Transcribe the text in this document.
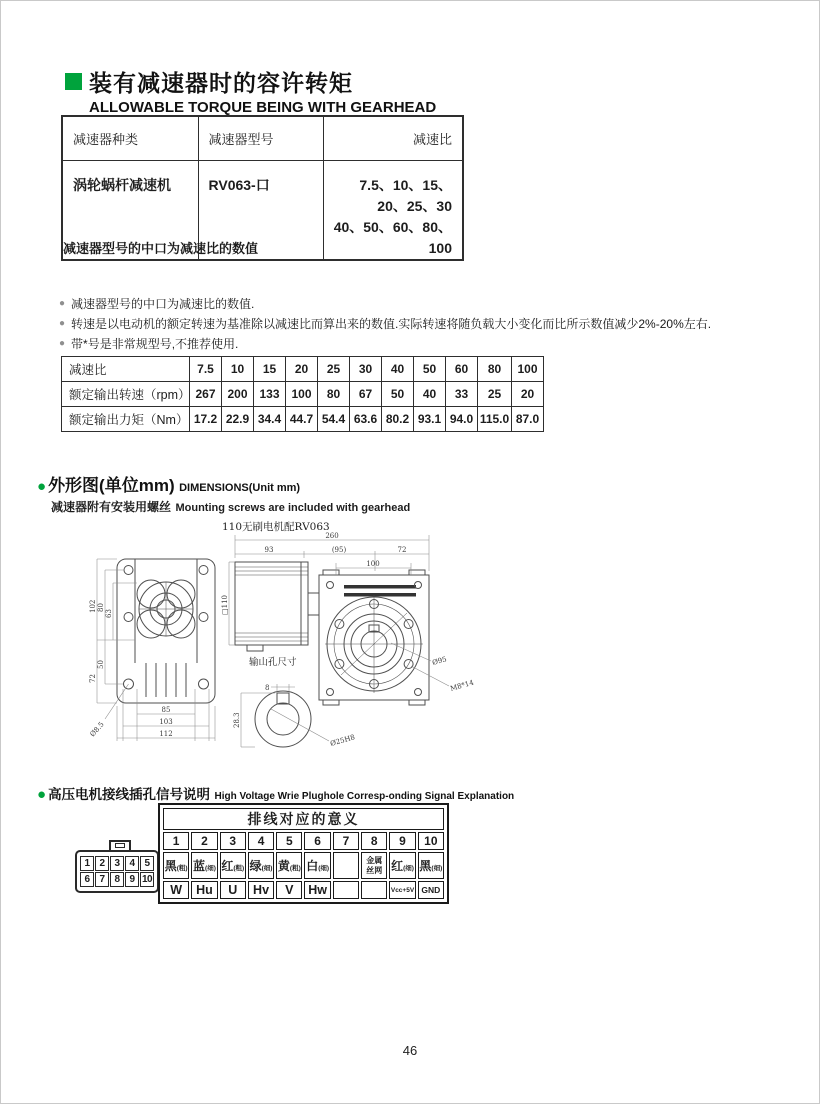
装有减速器时的容许转矩
ALLOWABLE TORQUE BEING WITH GEARHEAD
减速器种类	减速器型号	减速比
涡轮蜗杆减速机	RV063-口	7.5、10、15、20、25、30
40、50、60、80、100
减速器型号的中口为减速比的数值
● 减速器型号的中口为减速比的数值.
● 转速是以电动机的额定转速为基准除以减速比而算出来的数值.实际转速将随负载大小变化而比所示数值减少2%-20%左右.
● 带*号是非常规型号,不推荐使用.
减速比	7.5	10	15	20	25	30	40	50	60	80	100
额定输出转速（rpm）	267	200	133	100	80	67	50	40	33	25	20
额定输出力矩（Nm）	17.2	22.9	34.4	44.7	54.4	63.6	80.2	93.1	94.0	115.0	87.0
● 外形图(单位mm) DIMENSIONS(Unit mm)
减速器附有安装用螺丝 Mounting screws are included with gearhead
110无刷电机配RV063
102
72
80
50
63
85
103
112
Ø8.5
260
93	(95)	72
100
□110
Ø95
M8*14
输山孔尺寸
8
28.3
Ø25H8
● 高压电机接线插孔信号说明 High Voltage Wrie Plughole Corresp-onding Signal Explanation
1 2 3 4 5
6 7 8 9 10
排线对应的意义									
1	2	3	4	5	6	7	8	9	10
黑(粗)	蓝(细)	红(粗)	绿(细)	黄(粗)	白(细)		金属丝网	红(细)	黑(细)
W	Hu	U	Hv	V	Hw			Vcc+5V	GND
46
